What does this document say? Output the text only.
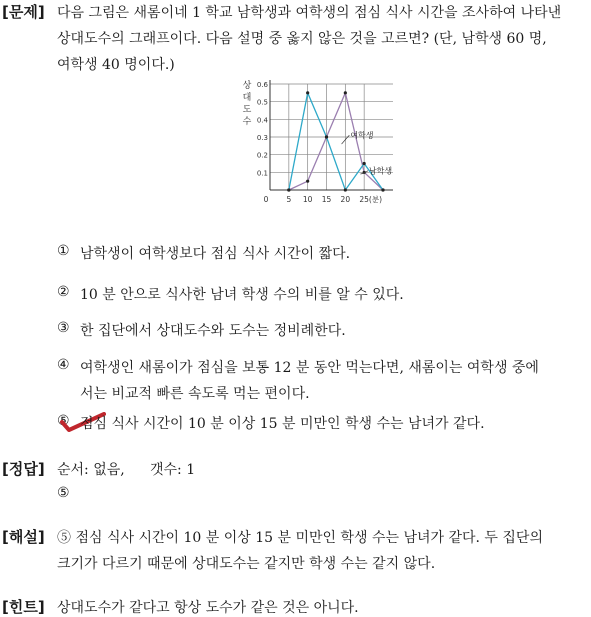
[문제] 다음 그림은 새롬이네 1 학교 남학생과 여학생의 점심 식사 시간을 조사하여 나타낸
상대도수의 그래프이다. 다음 설명 중 옳지 않은 것을 고르면? (단, 남학생 60 명,
여학생 40 명이다.)
0.1
0.2
0.3
0.4
0.5
0.6
0 5 10 15 20 25 (분)
상
대
도
수
여학생
남학생
① 남학생이 여학생보다 점심 식사 시간이 짧다.
② 10 분 안으로 식사한 남녀 학생 수의 비를 알 수 있다.
③ 한 집단에서 상대도수와 도수는 정비례한다.
④ 여학생인 새롬이가 점심을 보통 12 분 동안 먹는다면, 새롬이는 여학생 중에
서는 비교적 빠른 속도록 먹는 편이다.
⑤ 점심 식사 시간이 10 분 이상 15 분 미만인 학생 수는 남녀가 같다.
[정답] 순서: 없음, 갯수: 1
⑤
[해설] ⑤ 점심 식사 시간이 10 분 이상 15 분 미만인 학생 수는 남녀가 같다. 두 집단의
크기가 다르기 때문에 상대도수는 같지만 학생 수는 같지 않다.
[힌트] 상대도수가 같다고 항상 도수가 같은 것은 아니다.
